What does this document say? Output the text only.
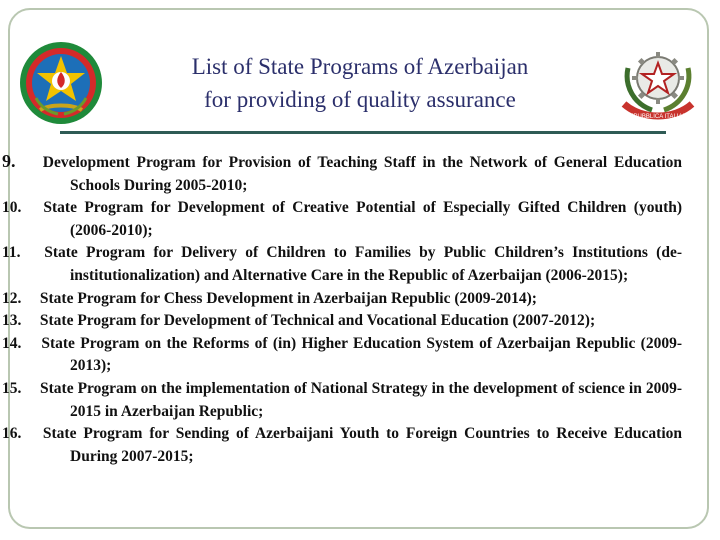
List of State Programs of Azerbaijan
for providing of quality assurance
REPUBBLICA ITALIANA
9. Development Program for Provision of Teaching Staff in the Network of General Education Schools During 2005-2010;
10. State Program for Development of Creative Potential of Especially Gifted Children (youth) (2006-2010);
11. State Program for Delivery of Children to Families by Public Children’s Institutions (de-institutionalization) and Alternative Care in the Republic of Azerbaijan (2006-2015);
12. State Program for Chess Development in Azerbaijan Republic (2009-2014);
13. State Program for Development of Technical and Vocational Education (2007-2012);
14. State Program on the Reforms of (in) Higher Education System of Azerbaijan Republic (2009-2013);
15. State Program on the implementation of National Strategy in the development of science in 2009-2015 in Azerbaijan Republic;
16. State Program for Sending of Azerbaijani Youth to Foreign Countries to Receive Education During 2007-2015;
